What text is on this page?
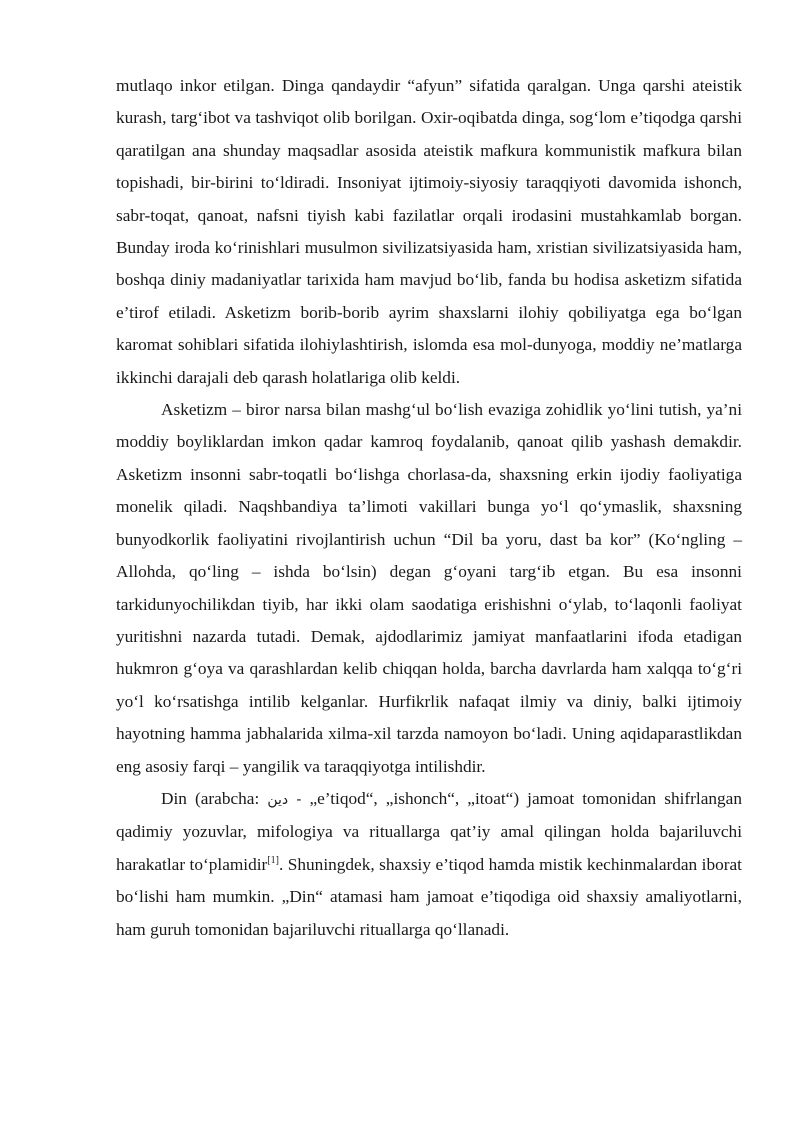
mutlaqo inkor etilgan. Dinga qandaydir “afyun” sifatida qaralgan. Unga qarshi ateistik kurash, targ‘ibot va tashviqot olib borilgan. Oxir-oqibatda dinga, sog‘lom e’tiqodga qarshi qaratilgan ana shunday maqsadlar asosida ateistik mafkura kommunistik mafkura bilan topishadi, bir-birini to‘ldiradi. Insoniyat ijtimoiy-siyosiy taraqqiyoti davomida ishonch, sabr-toqat, qanoat, nafsni tiyish kabi fazilatlar orqali irodasini mustahkamlab borgan. Bunday iroda ko‘rinishlari musulmon sivilizatsiyasida ham, xristian sivilizatsiyasida ham, boshqa diniy madaniyatlar tarixida ham mavjud bo‘lib, fanda bu hodisa asketizm sifatida e’tirof etiladi. Asketizm borib-borib ayrim shaxslarni ilohiy qobiliyatga ega bo‘lgan karomat sohiblari sifatida ilohiylashtirish, islomda esa mol-dunyoga, moddiy ne’matlarga ikkinchi darajali deb qarash holatlariga olib keldi.

Asketizm – biror narsa bilan mashg‘ul bo‘lish evaziga zohidlik yo‘lini tutish, ya’ni moddiy boyliklardan imkon qadar kamroq foydalanib, qanoat qilib yashash demakdir. Asketizm insonni sabr-toqatli bo‘lishga chorlasa-da, shaxsning erkin ijodiy faoliyatiga monelik qiladi. Naqshbandiya ta’limoti vakillari bunga yo‘l qo‘ymaslik, shaxsning bunyodkorlik faoliyatini rivojlantirish uchun “Dil ba yoru, dast ba kor” (Ko‘ngling – Allohda, qo‘ling – ishda bo‘lsin) degan g‘oyani targ‘ib etgan. Bu esa insonni tarkidunyochilikdan tiyib, har ikki olam saodatiga erishishni o‘ylab, to‘laqonli faoliyat yuritishni nazarda tutadi. Demak, ajdodlarimiz jamiyat manfaatlarini ifoda etadigan hukmron g‘oya va qarashlardan kelib chiqqan holda, barcha davrlarda ham xalqqa to‘g‘ri yo‘l ko‘rsatishga intilib kelganlar. Hurfikrlik nafaqat ilmiy va diniy, balki ijtimoiy hayotning hamma jabhalarida xilma-xil tarzda namoyon bo‘ladi. Uning aqidaparastlikdan eng asosiy farqi – yangilik va taraqqiyotga intilishdir.

Din (arabcha: دين - „e’tiqod“, „ishonch“, „itoat“) jamoat tomonidan shifrlangan qadimiy yozuvlar, mifologiya va rituallarga qat’iy amal qilingan holda bajariluvchi harakatlar to‘plamidir[1]. Shuningdek, shaxsiy e’tiqod hamda mistik kechinmalardan iborat bo‘lishi ham mumkin. „Din“ atamasi ham jamoat e’tiqodiga oid shaxsiy amaliyotlarni, ham guruh tomonidan bajariluvchi rituallarga qo‘llanadi.
